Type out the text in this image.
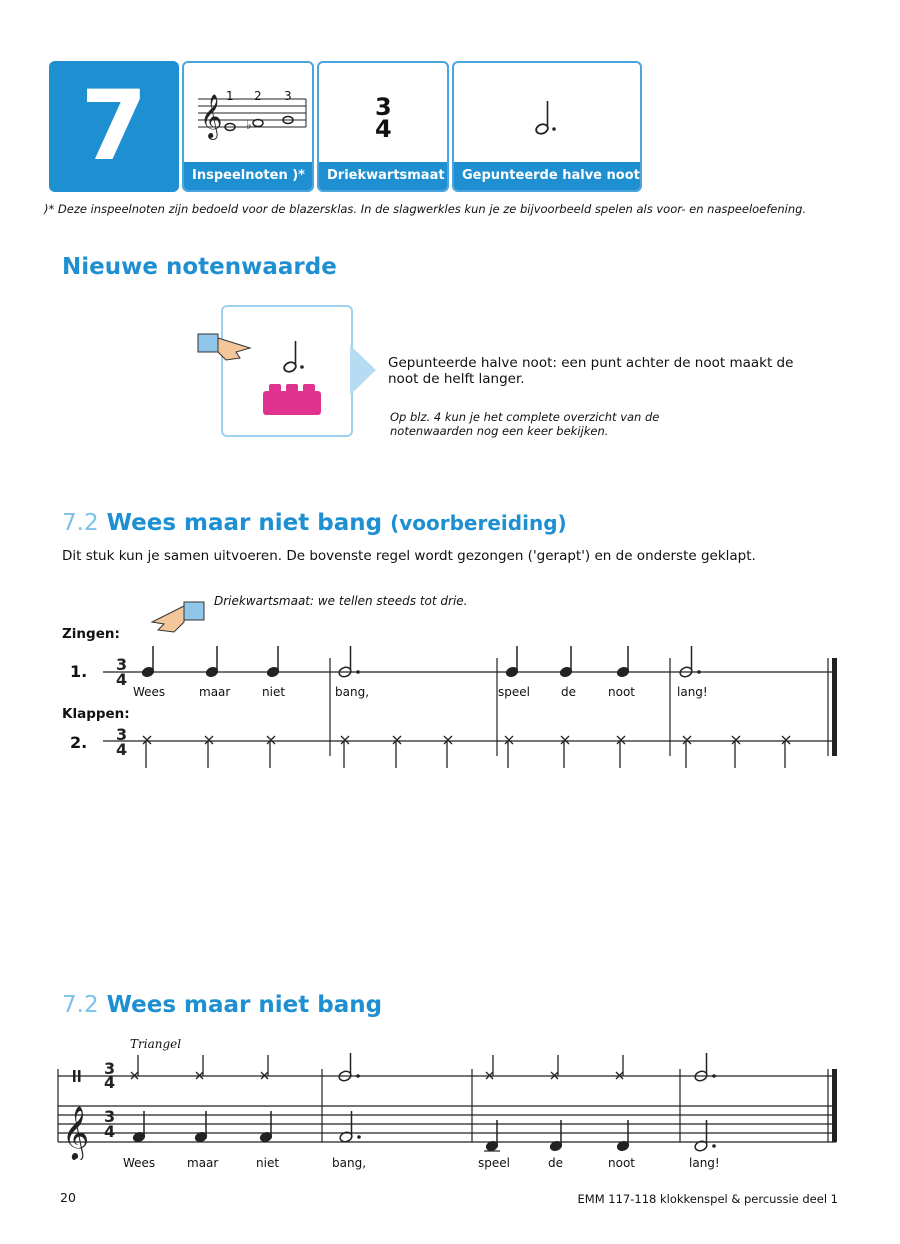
7	𝄞 ♭
1 2 3
Inspeelnoten )*
3
4
Driekwartsmaat	Gepunteerde halve noot
)* Deze inspeelnoten zijn bedoeld voor de blazersklas. In de slagwerkles kun je ze bijvoorbeeld spelen als voor- en naspeeloefening.
Nieuwe notenwaarde
Gepunteerde halve noot: een punt achter de noot maakt de noot de helft langer.
Op blz. 4 kun je het complete overzicht van de notenwaarden nog een keer bekijken.
7.2 Wees maar niet bang (voorbereiding)
Dit stuk kun je samen uitvoeren. De bovenste regel wordt gezongen ('gerapt') en de onderste geklapt.
Driekwartsmaat: we tellen steeds tot drie.
Zingen:
1.
Klappen:
2.
3
4
3
4
Wees	maar	niet	bang,	speel	de	noot	lang!
7.2 Wees maar niet bang
Triangel
3
4
𝄞 3
4
Wees	maar	niet	bang,	speel	de	noot	lang!
20	EMM 117-118 klokkenspel & percussie deel 1
